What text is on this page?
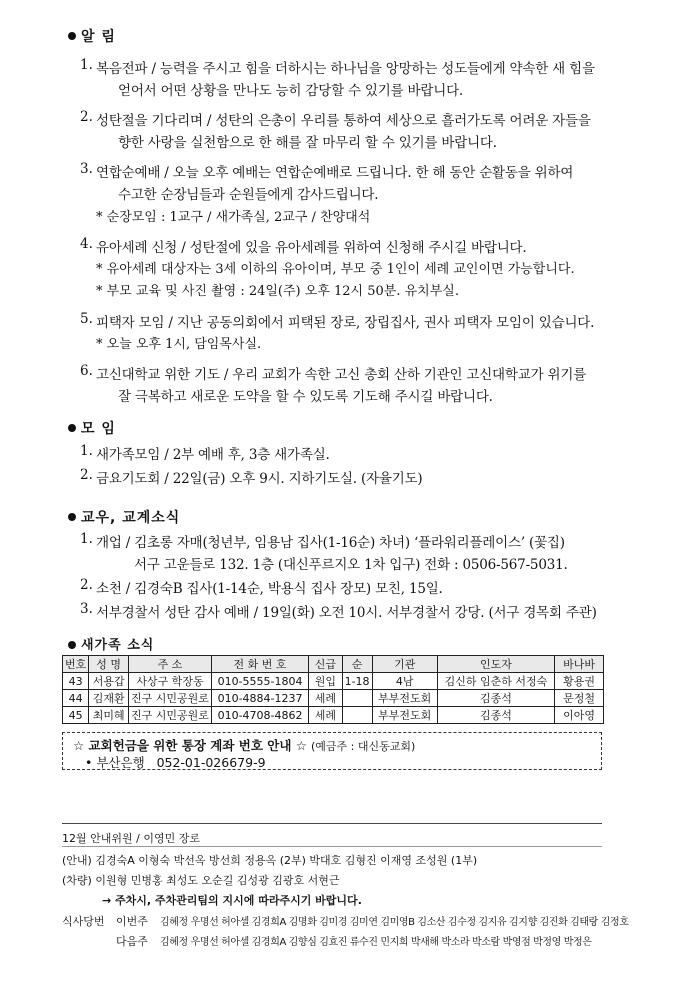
알 림
1. 복음전파 / 능력을 주시고 힘을 더하시는 하나님을 앙망하는 성도들에게 약속한 새 힘을
얻어서 어떤 상황을 만나도 능히 감당할 수 있기를 바랍니다.
2. 성탄절을 기다리며 / 성탄의 은총이 우리를 통하여 세상으로 흘러가도록 어려운 자들을
향한 사랑을 실천함으로 한 해를 잘 마무리 할 수 있기를 바랍니다.
3. 연합순예배 / 오늘 오후 예배는 연합순예배로 드립니다. 한 해 동안 순활동을 위하여
수고한 순장님들과 순원들에게 감사드립니다.
* 순장모임 : 1교구 / 새가족실, 2교구 / 찬양대석
4. 유아세례 신청 / 성탄절에 있을 유아세례를 위하여 신청해 주시길 바랍니다.
* 유아세례 대상자는 3세 이하의 유아이며, 부모 중 1인이 세례 교인이면 가능합니다.
* 부모 교육 및 사진 촬영 : 24일(주) 오후 12시 50분. 유치부실.
5. 피택자 모임 / 지난 공동의회에서 피택된 장로, 장립집사, 권사 피택자 모임이 있습니다.
* 오늘 오후 1시, 담임목사실.
6. 고신대학교 위한 기도 / 우리 교회가 속한 고신 총회 산하 기관인 고신대학교가 위기를
잘 극복하고 새로운 도약을 할 수 있도록 기도해 주시길 바랍니다.
모 임
1. 새가족모임 / 2부 예배 후, 3층 새가족실.
2. 금요기도회 / 22일(금) 오후 9시. 지하기도실. (자율기도)
교우, 교계소식
1. 개업 / 김초롱 자매(청년부, 임용남 집사(1-16순) 차녀) ‘플라워리플레이스’ (꽃집)
서구 고운들로 132. 1층 (대신푸르지오 1차 입구) 전화 : 0506-567-5031.
2. 소천 / 김경숙B 집사(1-14순, 박용식 집사 장모) 모친, 15일.
3. 서부경찰서 성탄 감사 예배 / 19일(화) 오전 10시. 서부경찰서 강당. (서구 경목회 주관)
새가족 소식
번호	성 명	주 소	전 화 번 호	신급	순	기관	인도자	바나바
43	서용갑	사상구 학장동	010-5555-1804	원입	1-18	4남	김신하 임춘하 서정숙	황용권
44	김재환	진구 시민공원로	010-4884-1237	세례		부부전도회	김종석	문정철
45	최미혜	진구 시민공원로	010-4708-4862	세례		부부전도회	김종석	이아영
☆ 교회헌금을 위한 통장 계좌 번호 안내 ☆ (예금주 : 대신동교회)
• 부산은행   052-01-026679-9
12월 안내위원 / 이영민 장로
(안내) 김경숙A 이형숙 박선옥 방선희 정용옥 (2부) 박대호 김형진 이재영 조성원 (1부)
(차량) 이원형 민병홍 최성도 오순길 김성광 김광호 서현근
→ 주차시, 주차관리팀의 지시에 따라주시기 바랍니다.
식사당번 이번주 김혜정 우명선 허아셀 김경희A 김명화 김미경 김미연 김미영B 김소산 김수정 김지유 김지향 김진화 김태랑 김정호
다음주 김혜정 우명선 허아셀 김경희A 김향심 김효진 류수진 민지희 박새해 박소라 박소람 박영점 박정영 박정은
